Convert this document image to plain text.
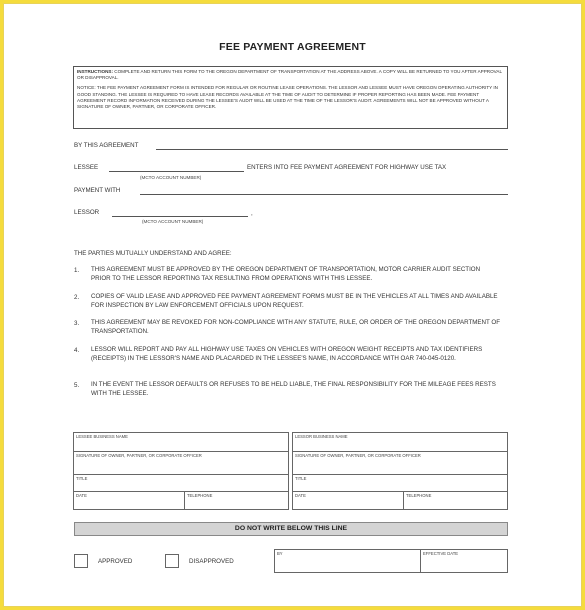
FEE PAYMENT AGREEMENT

INSTRUCTIONS: COMPLETE AND RETURN THIS FORM TO THE OREGON DEPARTMENT OF TRANSPORTATION AT THE ADDRESS ABOVE. A COPY WILL BE RETURNED TO YOU AFTER APPROVAL OR DISAPPROVAL.

NOTICE: THE FEE PAYMENT AGREEMENT FORM IS INTENDED FOR REGULAR OR ROUTINE LEASE OPERATIONS. THE LESSOR AND LESSEE MUST HAVE OREGON OPERATING AUTHORITY IN GOOD STANDING. THE LESSEE IS REQUIRED TO HAVE LEASE RECORDS AVAILABLE AT THE TIME OF AUDIT TO DETERMINE IF PROPER REPORTING HAS BEEN MADE. FEE PAYMENT AGREEMENT RECORD INFORMATION RECEIVED DURING THE LESSEE'S AUDIT WILL BE USED AT THE TIME OF THE LESSOR'S AUDIT. AGREEMENTS WILL NOT BE APPROVED WITHOUT A SIGNATURE OF OWNER, PARTNER, OR CORPORATE OFFICER.

BY THIS AGREEMENT
LESSEE
(MCTO ACCOUNT NUMBER)
ENTERS INTO FEE PAYMENT AGREEMENT FOR HIGHWAY USE TAX
PAYMENT WITH
LESSOR
(MCTO ACCOUNT NUMBER)
,
THE PARTIES MUTUALLY UNDERSTAND AND AGREE:
1. THIS AGREEMENT MUST BE APPROVED BY THE OREGON DEPARTMENT OF TRANSPORTATION, MOTOR CARRIER AUDIT SECTION PRIOR TO THE LESSOR REPORTING TAX RESULTING FROM OPERATIONS WITH THIS LESSEE.
2. COPIES OF VALID LEASE AND APPROVED FEE PAYMENT AGREEMENT FORMS MUST BE IN THE VEHICLES AT ALL TIMES AND AVAILABLE FOR INSPECTION BY LAW ENFORCEMENT OFFICIALS UPON REQUEST.
3. THIS AGREEMENT MAY BE REVOKED FOR NON-COMPLIANCE WITH ANY STATUTE, RULE, OR ORDER OF THE OREGON DEPARTMENT OF TRANSPORTATION.
4. LESSOR WILL REPORT AND PAY ALL HIGHWAY USE TAXES ON VEHICLES WITH OREGON WEIGHT RECEIPTS AND TAX IDENTIFIERS (RECEIPTS) IN THE LESSOR'S NAME AND PLACARDED IN THE LESSEE'S NAME, IN ACCORDANCE WITH OAR 740-045-0120.
5. IN THE EVENT THE LESSOR DEFAULTS OR REFUSES TO BE HELD LIABLE, THE FINAL RESPONSIBILITY FOR THE MILEAGE FEES RESTS WITH THE LESSEE.
LESSEE BUSINESS NAME
SIGNATURE OF OWNER, PARTNER, OR CORPORATE OFFICER
TITLE
DATE	TELEPHONE
LESSOR BUSINESS NAME
SIGNATURE OF OWNER, PARTNER, OR CORPORATE OFFICER
TITLE
DATE	TELEPHONE
DO NOT WRITE BELOW THIS LINE
APPROVED	DISAPPROVED
BY	EFFECTIVE DATE
